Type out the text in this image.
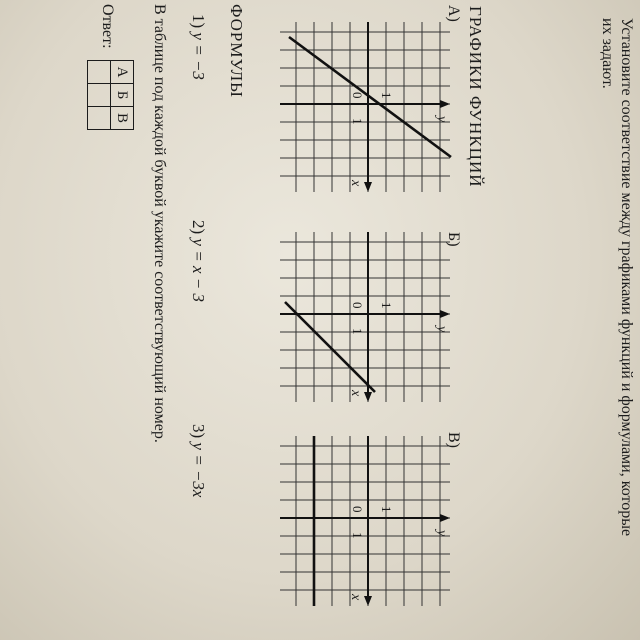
Установите соответствие между графиками функций и формулами, которые
их задают.
ГРАФИКИ ФУНКЦИЙ
А)
Б)
В)
y
x
0
1
1
y
x
0
1
1
y
x
0
1
1
ФОРМУЛЫ
1) y = −3
2) y = x − 3
3) y = −3x
В таблице под каждой буквой укажите соответствующий номер.
Ответ:
А	Б	В
